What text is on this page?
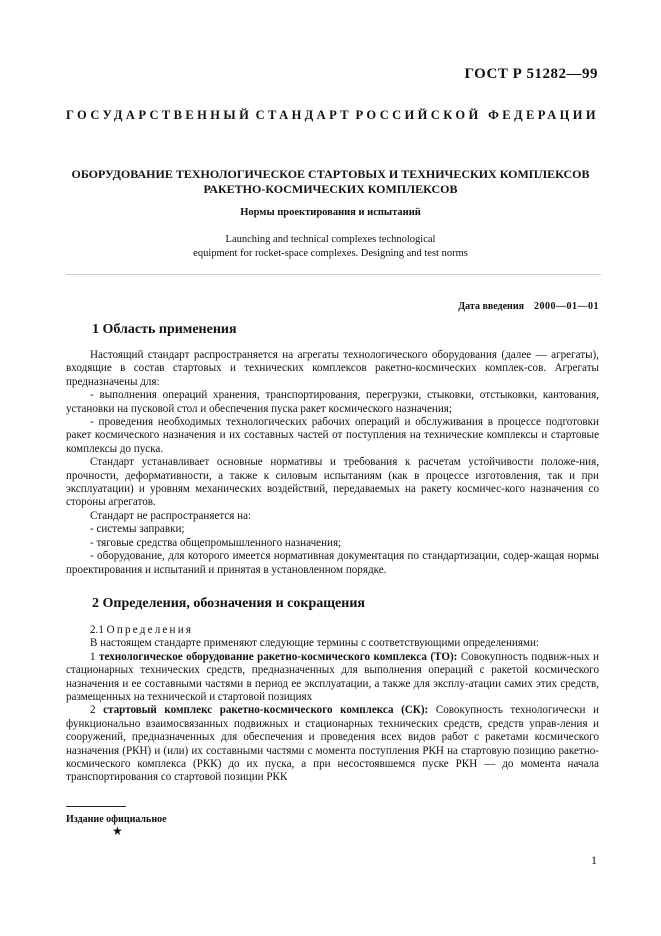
ГОСТ Р 51282—99
ГОСУДАРСТВЕННЫЙ СТАНДАРТ РОССИЙСКОЙ ФЕДЕРАЦИИ
ОБОРУДОВАНИЕ ТЕХНОЛОГИЧЕСКОЕ СТАРТОВЫХ И ТЕХНИЧЕСКИХ КОМПЛЕКСОВ
РАКЕТНО-КОСМИЧЕСКИХ КОМПЛЕКСОВ
Нормы проектирования и испытаний
Launching and technical complexes technological
equipment for rocket-space complexes. Designing and test norms
Дата введения 2000—01—01
1 Область применения

Настоящий стандарт распространяется на агрегаты технологического оборудования (далее — агрегаты), входящие в состав стартовых и технических комплексов ракетно-космических комплек-сов. Агрегаты предназначены для:

- выполнения операций хранения, транспортирования, перегрузки, стыковки, отстыковки, кантования, установки на пусковой стол и обеспечения пуска ракет космического назначения;

- проведения необходимых технологических рабочих операций и обслуживания в процессе подготовки ракет космического назначения и их составных частей от поступления на технические комплексы и стартовые комплексы до пуска.

Стандарт устанавливает основные нормативы и требования к расчетам устойчивости положе-ния, прочности, деформативности, а также к силовым испытаниям (как в процессе изготовления, так и при эксплуатации) и уровням механических воздействий, передаваемых на ракету космичес-кого назначения со стороны агрегатов.

Стандарт не распространяется на:

- системы заправки;

- тяговые средства общепромышленного назначения;

- оборудование, для которого имеется нормативная документация по стандартизации, содер-жащая нормы проектирования и испытаний и принятая в установленном порядке.

2 Определения, обозначения и сокращения

2.1 Определения

В настоящем стандарте применяют следующие термины с соответствующими определениями:

1 технологическое оборудование ракетно-космического комплекса (ТО): Совокупность подвиж-ных и стационарных технических средств, предназначенных для выполнения операций с ракетой космического назначения и ее составными частями в период ее эксплуатации, а также для эксплу-атации самих этих средств, размещенных на технической и стартовой позициях

2 стартовый комплекс ракетно-космического комплекса (СК): Совокупность технологически и функционально взаимосвязанных подвижных и стационарных технических средств, средств управ-ления и сооружений, предназначенных для обеспечения и проведения всех видов работ с ракетами космического назначения (РКН) и (или) их составными частями с момента поступления РКН на стартовую позицию ракетно-космического комплекса (РКК) до их пуска, а при несостоявшемся пуске РКН — до момента начала транспортирования со стартовой позиции РКК

Издание официальное
★
1
